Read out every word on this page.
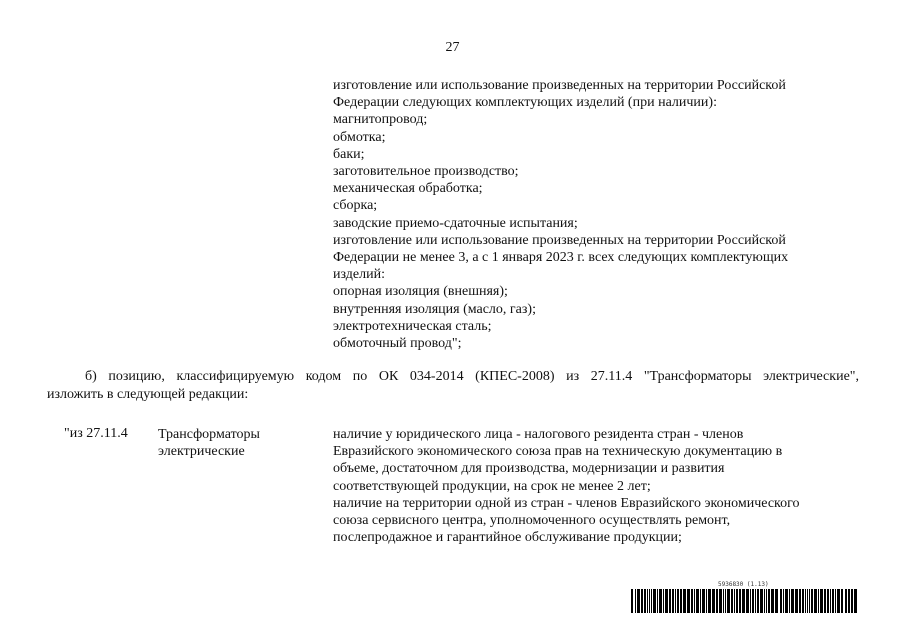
27
изготовление или использование произведенных на территории Российской
Федерации следующих комплектующих изделий (при наличии):
магнитопровод;
обмотка;
баки;
заготовительное производство;
механическая обработка;
сборка;
заводские приемо-сдаточные испытания;
изготовление или использование произведенных на территории Российской
Федерации не менее 3, а с 1 января 2023 г. всех следующих комплектующих
изделий:
опорная изоляция (внешняя);
внутренняя изоляция (масло, газ);
электротехническая сталь;
обмоточный провод";
б) позицию, классифицируемую кодом по ОК 034-2014 (КПЕС-2008) из 27.11.4 "Трансформаторы электрические",
изложить в следующей редакции:
"из 27.11.4 Трансформаторы
электрические
наличие у юридического лица - налогового резидента стран - членов
Евразийского экономического союза прав на техническую документацию в
объеме, достаточном для производства, модернизации и развития
соответствующей продукции, на срок не менее 2 лет;
наличие на территории одной из стран - членов Евразийского экономического
союза сервисного центра, уполномоченного осуществлять ремонт,
послепродажное и гарантийное обслуживание продукции;
5936830 (1.13)
